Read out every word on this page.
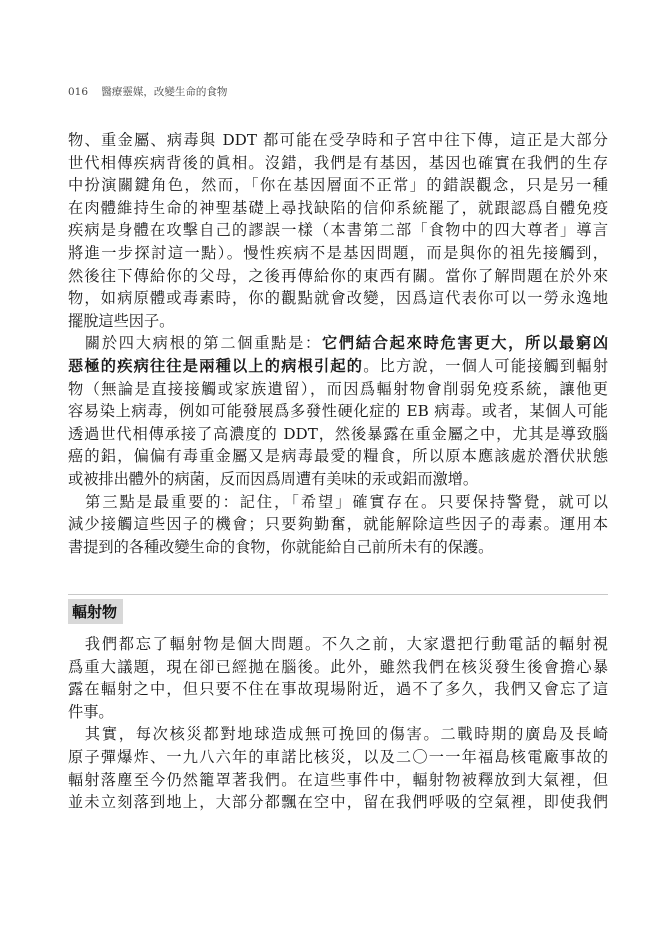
016 醫療靈媒，改變生命的食物
物、重金屬、病毒與 DDT 都可能在受孕時和子宮中往下傳，這正是大部分
世代相傳疾病背後的眞相。沒錯，我們是有基因，基因也確實在我們的生存
中扮演關鍵角色，然而，「你在基因層面不正常」的錯誤觀念，只是另一種
在肉體維持生命的神聖基礎上尋找缺陷的信仰系統罷了，就跟認爲自體免疫
疾病是身體在攻擊自己的謬誤一樣（本書第二部「食物中的四大尊者」導言
將進一步探討這一點）。慢性疾病不是基因問題，而是與你的祖先接觸到，
然後往下傳給你的父母，之後再傳給你的東西有關。當你了解問題在於外來
物，如病原體或毒素時，你的觀點就會改變，因爲這代表你可以一勞永逸地
擺脫這些因子。
　關於四大病根的第二個重點是：它們結合起來時危害更大，所以最窮凶
惡極的疾病往往是兩種以上的病根引起的。比方說，一個人可能接觸到輻射
物（無論是直接接觸或家族遺留），而因爲輻射物會削弱免疫系統，讓他更
容易染上病毒，例如可能發展爲多發性硬化症的 EB 病毒。或者，某個人可能
透過世代相傳承接了高濃度的 DDT，然後暴露在重金屬之中，尤其是導致腦
癌的鋁，偏偏有毒重金屬又是病毒最愛的糧食，所以原本應該處於潛伏狀態
或被排出體外的病菌，反而因爲周遭有美味的汞或鋁而激增。
　第三點是最重要的：記住，「希望」確實存在。只要保持警覺，就可以
減少接觸這些因子的機會；只要夠勤奮，就能解除這些因子的毒素。運用本
書提到的各種改變生命的食物，你就能給自己前所未有的保護。
輻射物
　我們都忘了輻射物是個大問題。不久之前，大家還把行動電話的輻射視
爲重大議題，現在卻已經拋在腦後。此外，雖然我們在核災發生後會擔心暴
露在輻射之中，但只要不住在事故現場附近，過不了多久，我們又會忘了這
件事。
　其實，每次核災都對地球造成無可挽回的傷害。二戰時期的廣島及長崎
原子彈爆炸、一九八六年的車諾比核災，以及二〇一一年福島核電廠事故的
輻射落塵至今仍然籠罩著我們。在這些事件中，輻射物被釋放到大氣裡，但
並未立刻落到地上，大部分都飄在空中，留在我們呼吸的空氣裡，即使我們
